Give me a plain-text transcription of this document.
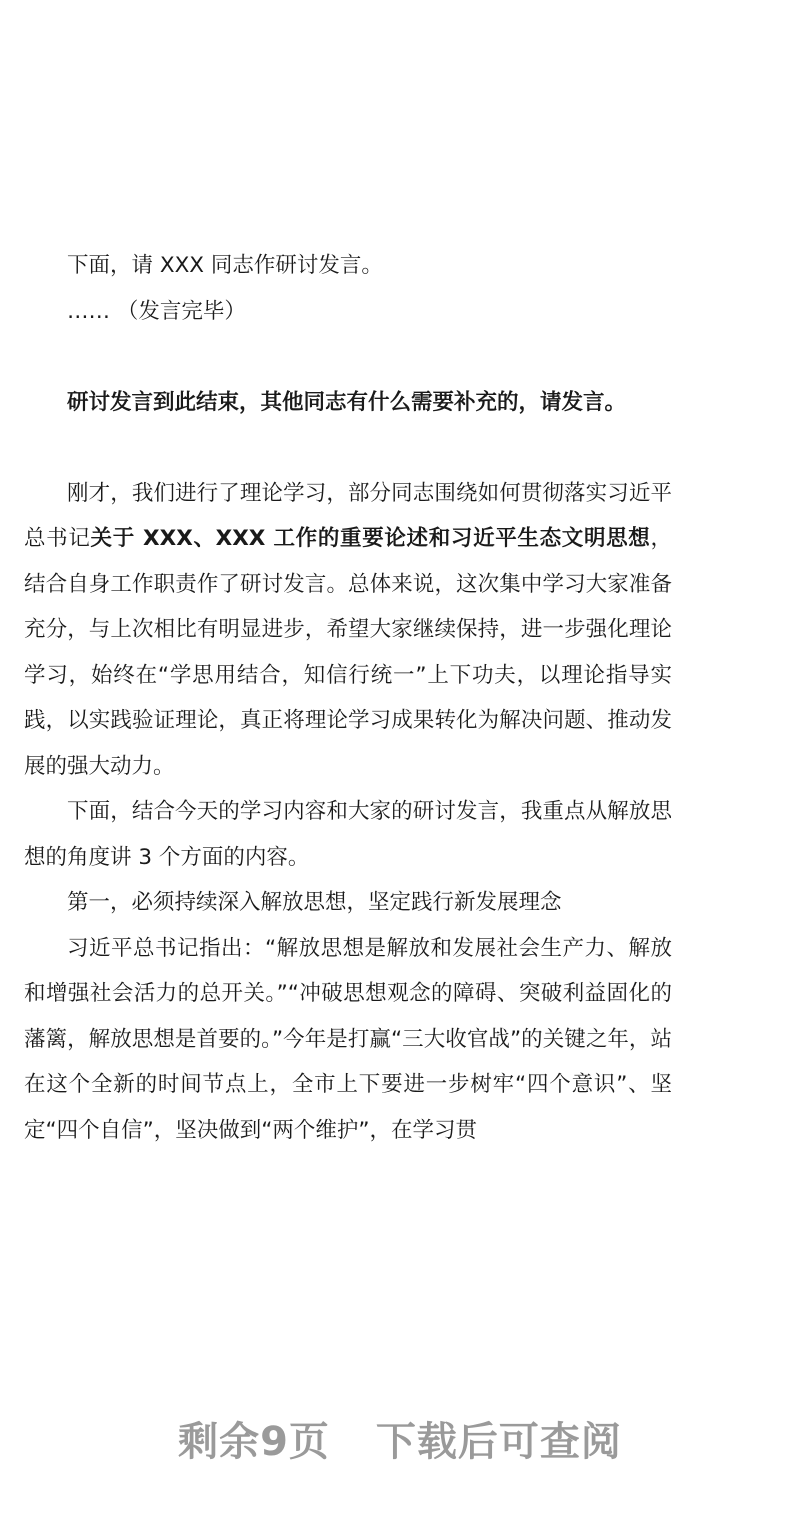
下面，请 XXX 同志作研讨发言。

…… （发言完毕）

研讨发言到此结束，其他同志有什么需要补充的，请发言。

刚才，我们进行了理论学习，部分同志围绕如何贯彻落实习近平总书记关于 XXX、XXX 工作的重要论述和习近平生态文明思想，结合自身工作职责作了研讨发言。总体来说，这次集中学习大家准备充分，与上次相比有明显进步，希望大家继续保持，进一步强化理论学习，始终在“学思用结合，知信行统一”上下功夫，以理论指导实践，以实践验证理论，真正将理论学习成果转化为解决问题、推动发展的强大动力。

下面，结合今天的学习内容和大家的研讨发言，我重点从解放思想的角度讲 3 个方面的内容。

第一，必须持续深入解放思想，坚定践行新发展理念

习近平总书记指出：“解放思想是解放和发展社会生产力、解放和增强社会活力的总开关。”“冲破思想观念的障碍、突破利益固化的藩篱，解放思想是首要的。”今年是打赢“三大收官战”的关键之年，站在这个全新的时间节点上，全市上下要进一步树牢“四个意识”、坚定“四个自信”，坚决做到“两个维护”，在学习贯

剩余9页 下载后可查阅
